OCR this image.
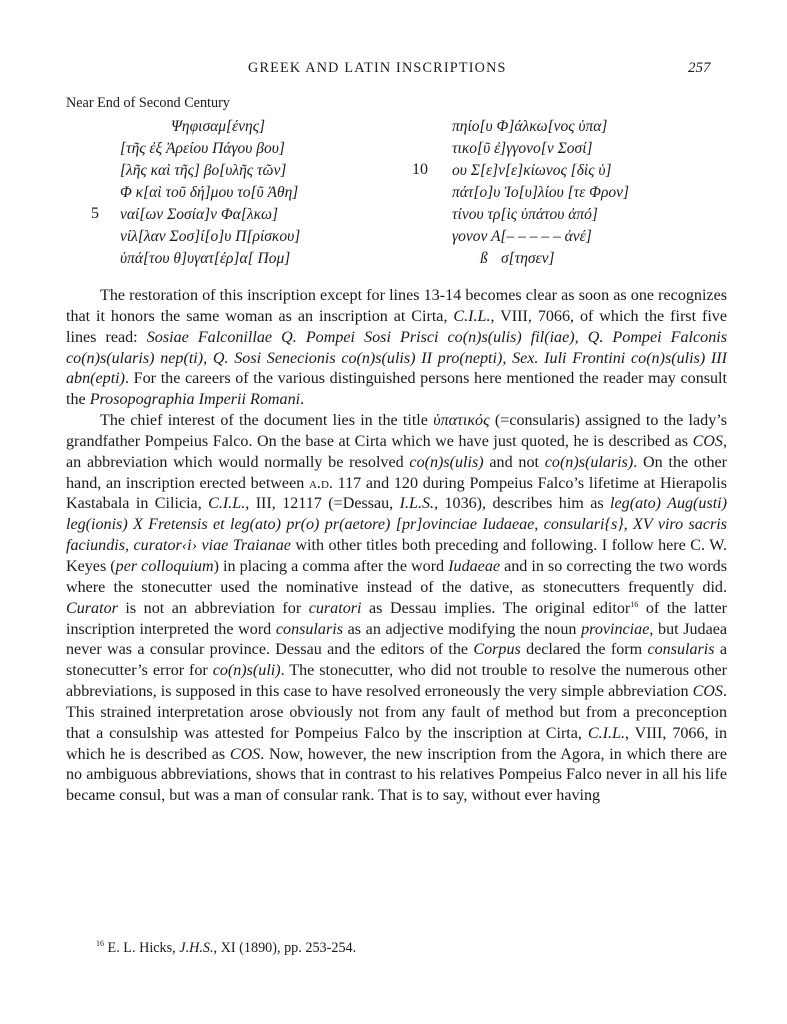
GREEK AND LATIN INSCRIPTIONS	257
Near End of Second Century
Ψηφισαμ[ένης]
[τῆς ἐξ Ἀρείου Πάγου βου]
[λῆς καὶ τῆς] βο[υλῆς τῶν]
Φ κ[αὶ τοῦ δή]μου το[ῦ Ἀθη]
5 ναί[ων Σοσία]ν Φα[λκω]
νίλ[λαν Σοσ]ί[ο]υ Π[ρίσκου]
ὑπά[του θ]υγατ[έρ]α[ Πομ]
πηίο[υ Φ]άλκω[νος ὑπα]
τικο[ῦ ἐ]γγονο[ν Σοσί]
10 ου Σ[ε]ν[ε]κίωνος [δὶς ὑ]
πάτ[ο]υ Ἰο[υ]λίου [τε Φρον]
τίνου τρ[ὶς ὑπάτου ἀπό]
γονον Α[– – – – – ἀνέ]
ß σ[τησεν]

The restoration of this inscription except for lines 13-14 becomes clear as soon as one recognizes that it honors the same woman as an inscription at Cirta, C.I.L., VIII, 7066, of which the first five lines read: Sosiae Falconillae Q. Pompei Sosi Prisci co(n)s(ulis) fil(iae), Q. Pompei Falconis co(n)s(ularis) nep(ti), Q. Sosi Senecionis co(n)s(ulis) II pro(nepti), Sex. Iuli Frontini co(n)s(ulis) III abn(epti). For the careers of the various distinguished persons here mentioned the reader may consult the Prosopographia Imperii Romani.

The chief interest of the document lies in the title ὑπατικός (=consularis) assigned to the lady’s grandfather Pompeius Falco. On the base at Cirta which we have just quoted, he is described as COS, an abbreviation which would normally be resolved co(n)s(ulis) and not co(n)s(ularis). On the other hand, an inscription erected between a.d. 117 and 120 during Pompeius Falco’s lifetime at Hierapolis Kastabala in Cilicia, C.I.L., III, 12117 (=Dessau, I.L.S., 1036), describes him as leg(ato) Aug(usti) leg(ionis) X Fretensis et leg(ato) pr(o) pr(aetore) [pr]ovinciae Iudaeae, consulari{s}, XV viro sacris faciundis, curator‹i› viae Traianae with other titles both preceding and following. I follow here C. W. Keyes (per colloquium) in placing a comma after the word Iudaeae and in so correcting the two words where the stonecutter used the nominative instead of the dative, as stonecutters frequently did. Curator is not an abbreviation for curatori as Dessau implies. The original editor$^{16}$ of the latter inscription interpreted the word consularis as an adjective modifying the noun provinciae, but Judaea never was a consular province. Dessau and the editors of the Corpus declared the form consularis a stonecutter’s error for co(n)s(uli). The stonecutter, who did not trouble to resolve the numerous other abbreviations, is supposed in this case to have resolved erroneously the very simple abbreviation COS. This strained interpretation arose obviously not from any fault of method but from a preconception that a consulship was attested for Pompeius Falco by the inscription at Cirta, C.I.L., VIII, 7066, in which he is described as COS. Now, however, the new inscription from the Agora, in which there are no ambiguous abbreviations, shows that in contrast to his relatives Pompeius Falco never in all his life became consul, but was a man of consular rank. That is to say, without ever having

$^{16}$ E. L. Hicks, J.H.S., XI (1890), pp. 253-254.
